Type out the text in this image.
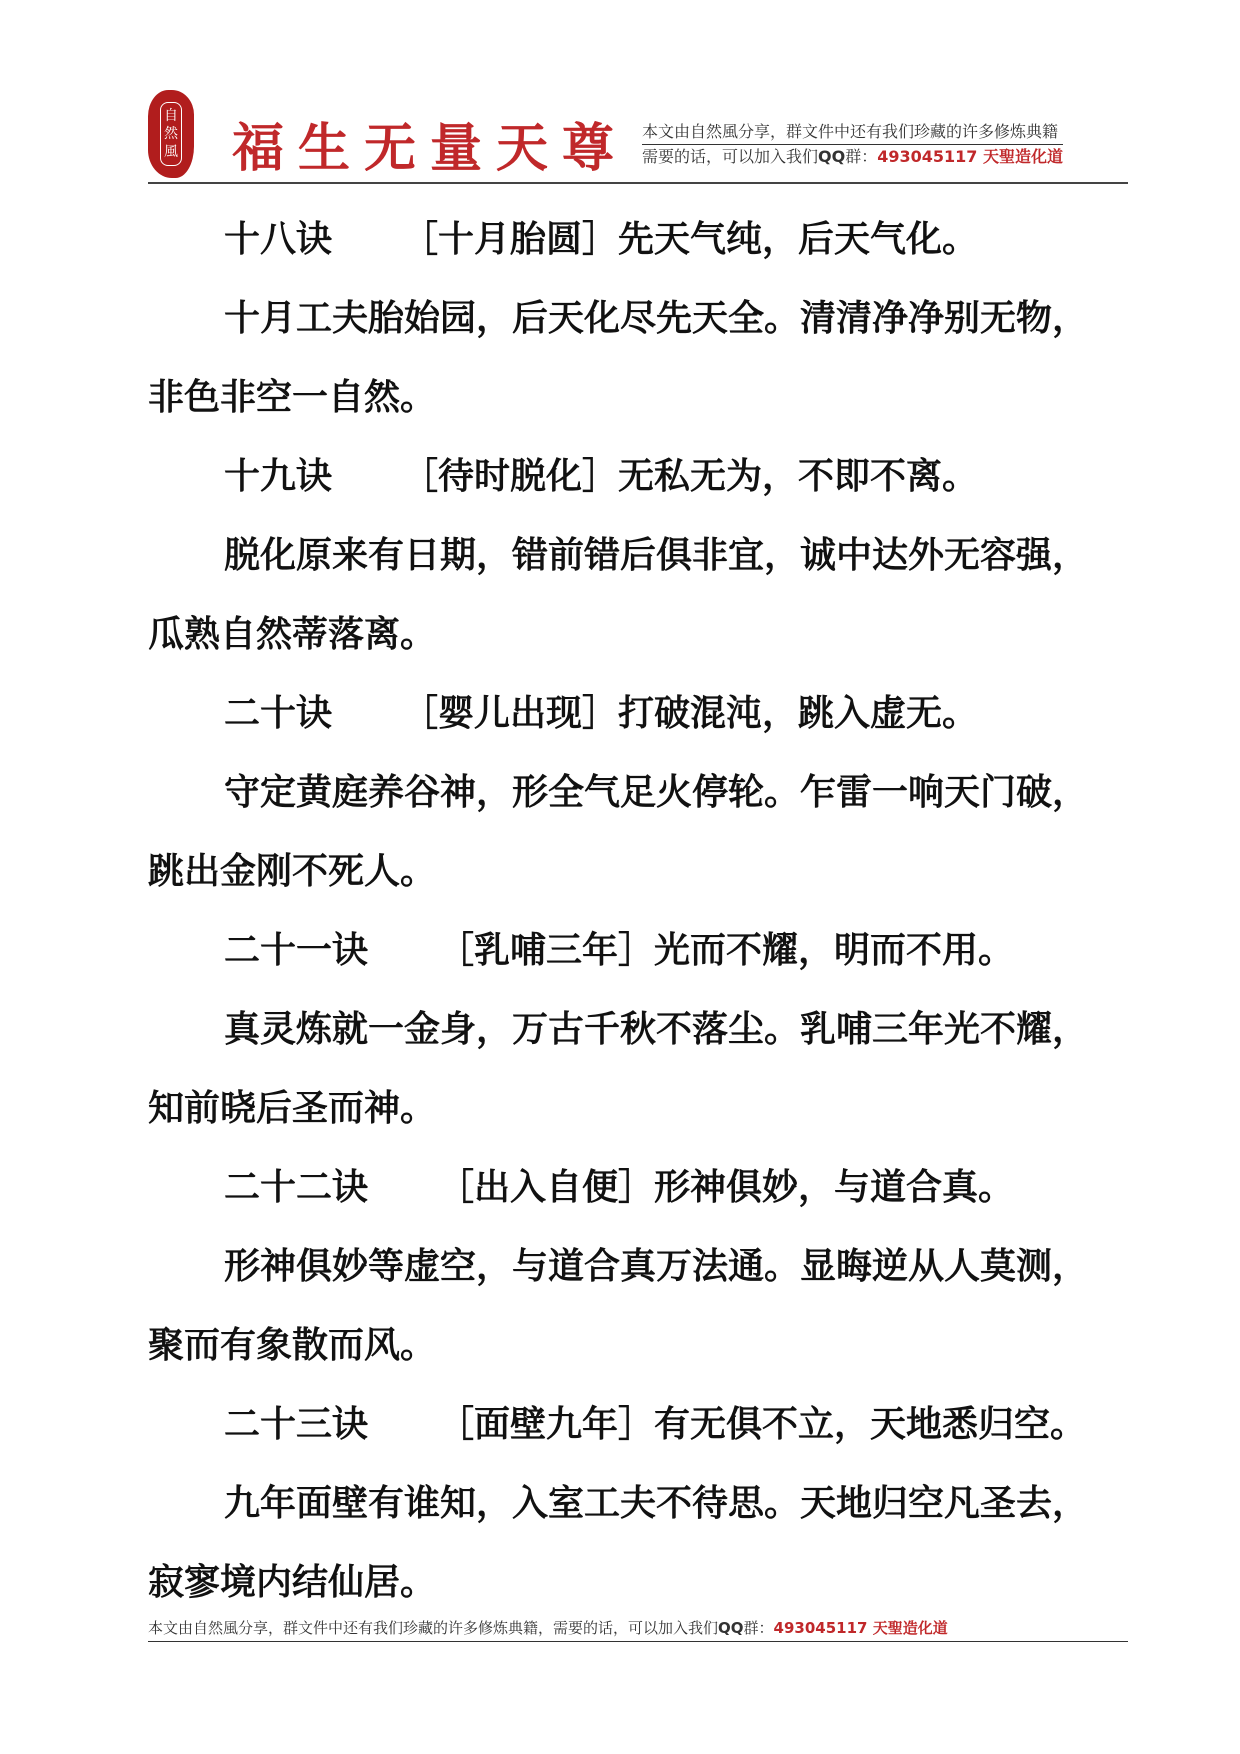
自
然
風 福生无量天尊 本文由自然風分享，群文件中还有我们珍藏的许多修炼典籍
需要的话，可以加入我们QQ群：493045117 天聖造化道

十八诀 ［十月胎圆］先天气纯，后天气化。

十月工夫胎始园，后天化尽先天全。清清净净别无物，

非色非空一自然。

十九诀 ［待时脱化］无私无为，不即不离。

脱化原来有日期，错前错后俱非宜，诚中达外无容强，

瓜熟自然蒂落离。

二十诀 ［婴儿出现］打破混沌，跳入虚无。

守定黄庭养谷神，形全气足火停轮。乍雷一响天门破，

跳出金刚不死人。

二十一诀 ［乳哺三年］光而不耀，明而不用。

真灵炼就一金身，万古千秋不落尘。乳哺三年光不耀，

知前晓后圣而神。

二十二诀 ［出入自便］形神俱妙，与道合真。

形神俱妙等虚空，与道合真万法通。显晦逆从人莫测，

聚而有象散而风。

二十三诀 ［面壁九年］有无俱不立，天地悉归空。

九年面壁有谁知，入室工夫不待思。天地归空凡圣去，

寂寥境内结仙居。

本文由自然風分享，群文件中还有我们珍藏的许多修炼典籍，需要的话，可以加入我们QQ群：493045117 天聖造化道
